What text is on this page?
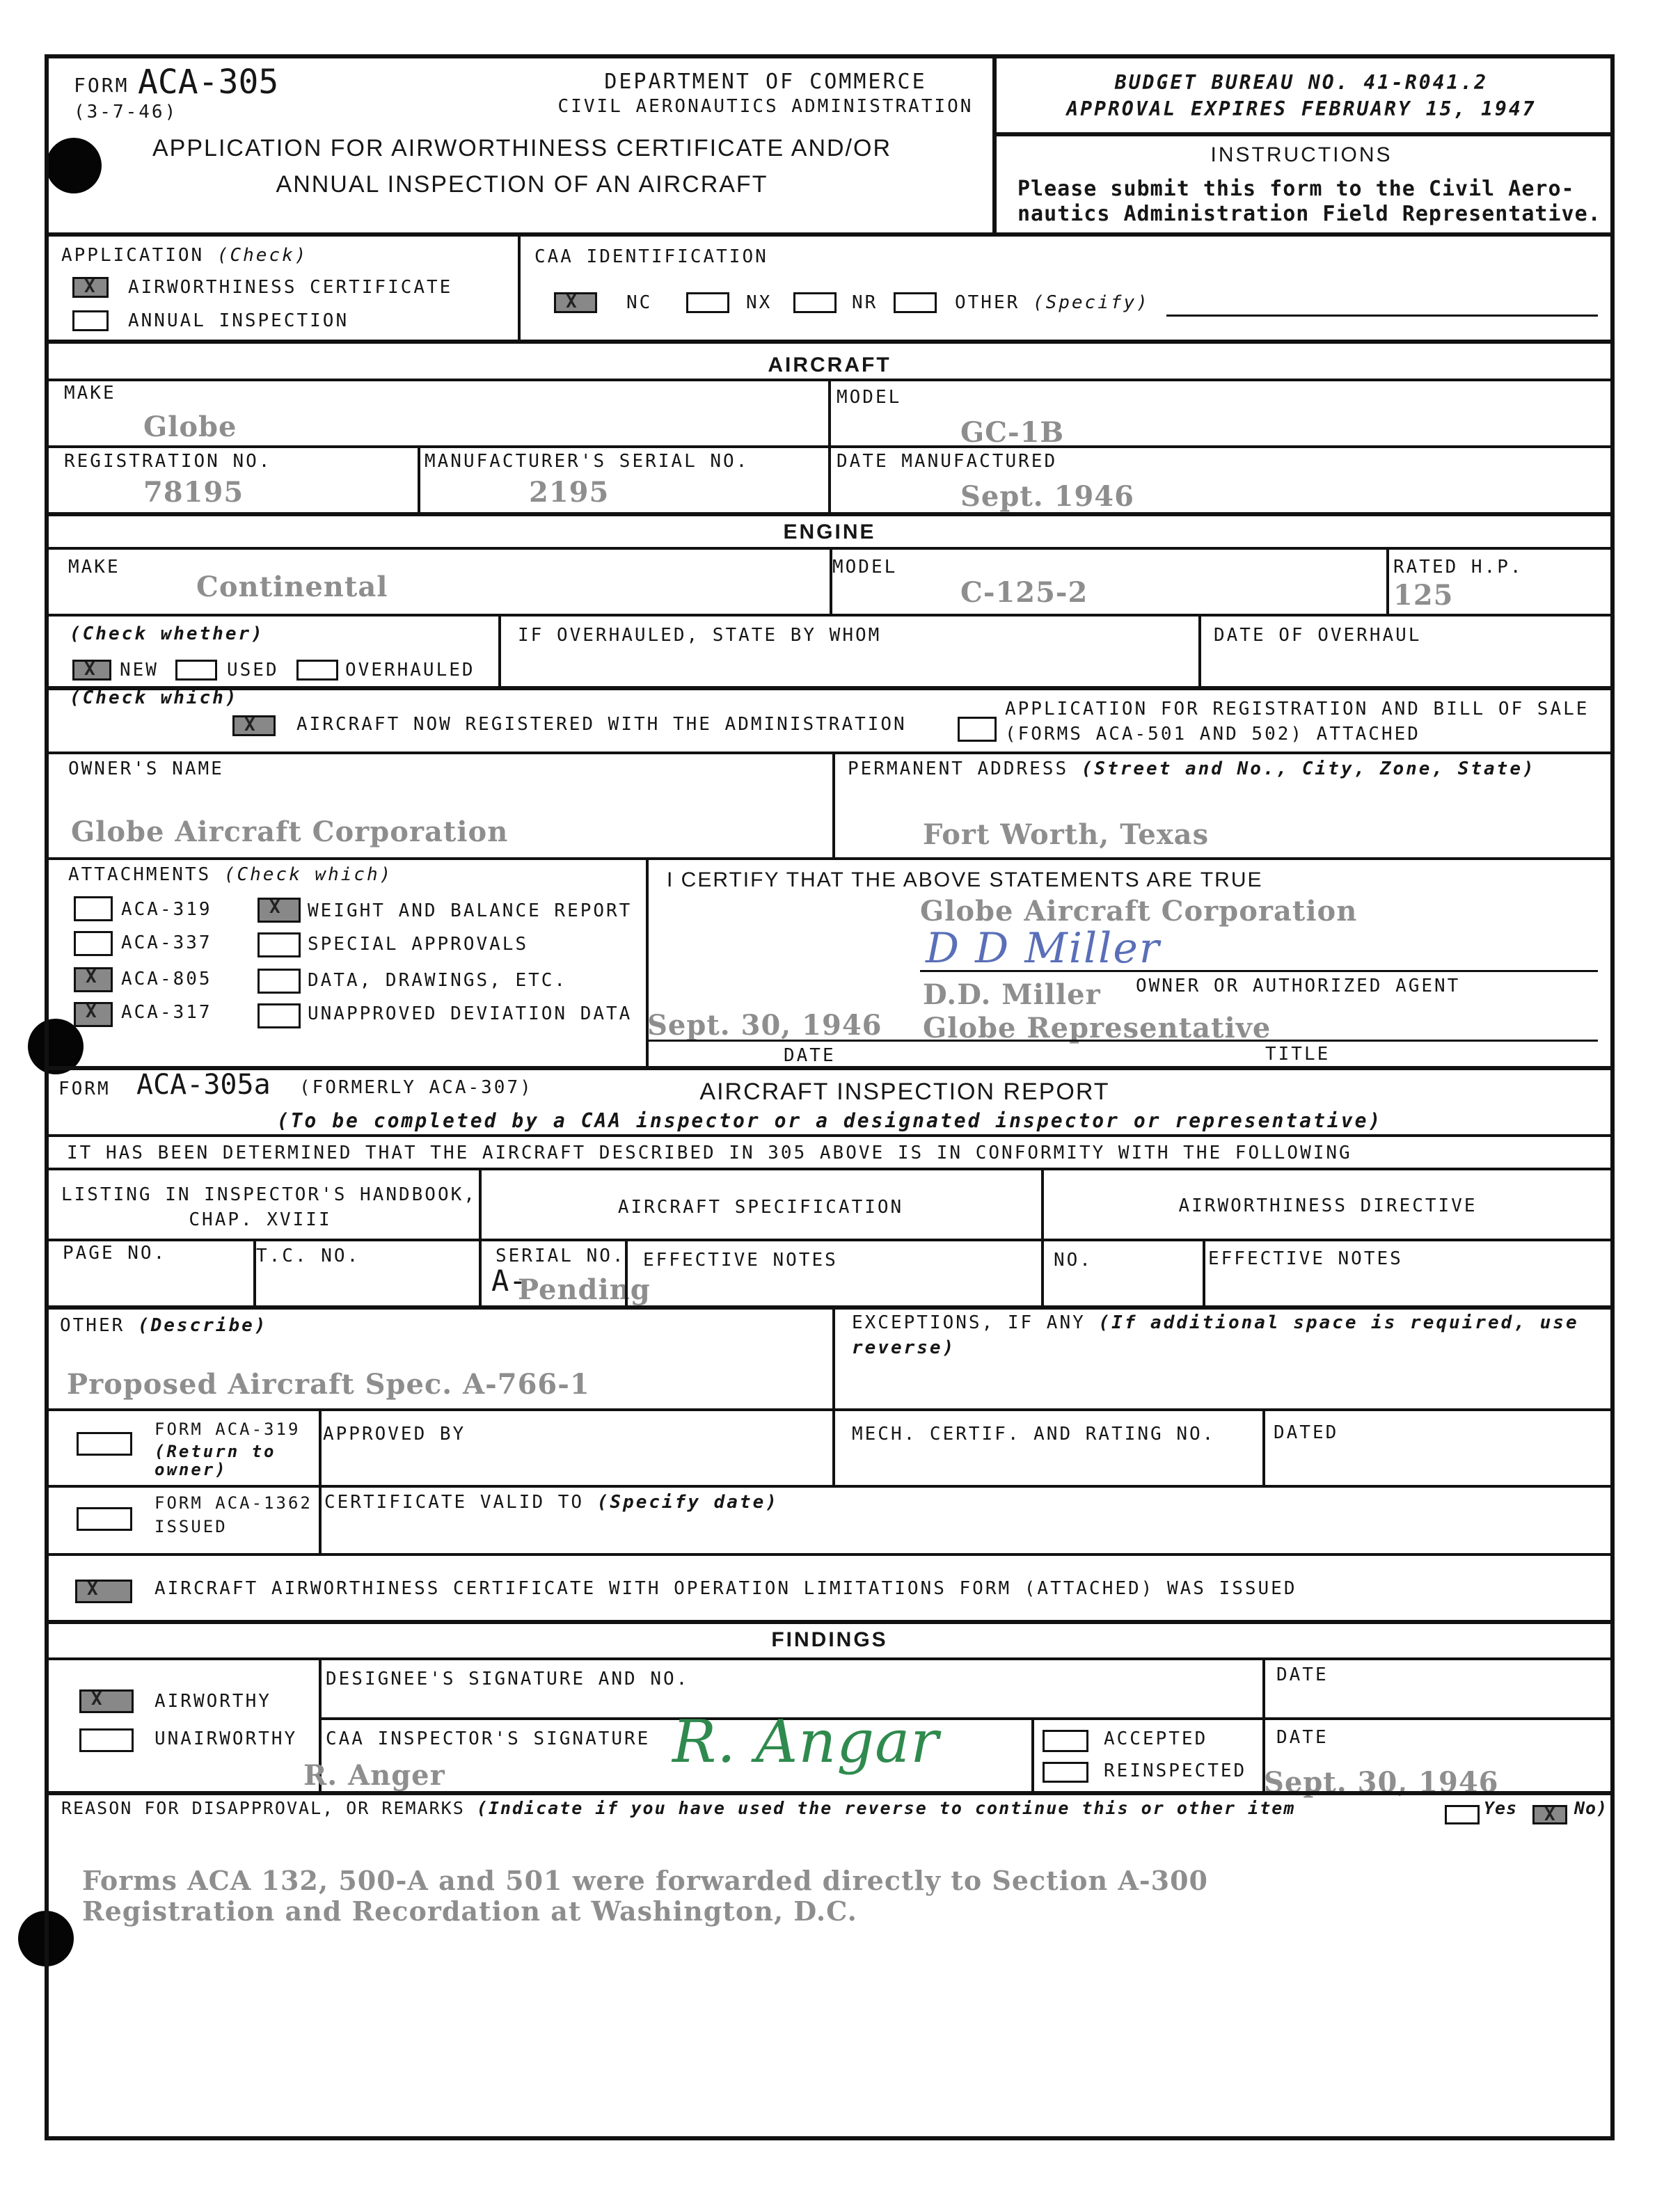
FORM ACA-305
(3-7-46)
DEPARTMENT OF COMMERCE
CIVIL AERONAUTICS ADMINISTRATION
APPLICATION FOR AIRWORTHINESS CERTIFICATE AND/OR
ANNUAL INSPECTION OF AN AIRCRAFT
BUDGET BUREAU NO. 41-R041.2
APPROVAL EXPIRES FEBRUARY 15, 1947
INSTRUCTIONS
Please submit this form to the Civil Aero-
nautics Administration Field Representative.
APPLICATION (Check)
X
AIRWORTHINESS CERTIFICATE
ANNUAL INSPECTION
CAA IDENTIFICATION
X
NC	NX	NR	OTHER (Specify)
AIRCRAFT
MAKE
Globe
MODEL
GC-1B
REGISTRATION NO.
78195
MANUFACTURER'S SERIAL NO.
2195
DATE MANUFACTURED
Sept. 1946
ENGINE
MAKE
Continental
MODEL
C-125-2
RATED H.P.
125
(Check whether)
X
NEW	USED	OVERHAULED
IF OVERHAULED, STATE BY WHOM	DATE OF OVERHAUL
(Check which)
X
AIRCRAFT NOW REGISTERED WITH THE ADMINISTRATION
APPLICATION FOR REGISTRATION AND BILL OF SALE
(FORMS ACA-501 AND 502) ATTACHED
OWNER'S NAME
Globe Aircraft Corporation
PERMANENT ADDRESS (Street and No., City, Zone, State)
Fort Worth, Texas
ATTACHMENTS (Check which)
ACA-319
ACA-337
X
ACA-805
X
ACA-317
X
WEIGHT AND BALANCE REPORT
SPECIAL APPROVALS
DATA, DRAWINGS, ETC.
UNAPPROVED DEVIATION DATA
I CERTIFY THAT THE ABOVE STATEMENTS ARE TRUE
Globe Aircraft Corporation
D D Miller
D.D. Miller OWNER OR AUTHORIZED AGENT
Sept. 30, 1946 Globe Representative
DATE	TITLE
FORM ACA-305a (FORMERLY ACA-307)	AIRCRAFT INSPECTION REPORT
(To be completed by a CAA inspector or a designated inspector or representative)
IT HAS BEEN DETERMINED THAT THE AIRCRAFT DESCRIBED IN 305 ABOVE IS IN CONFORMITY WITH THE FOLLOWING
LISTING IN INSPECTOR'S HANDBOOK,
CHAP. XVIII
AIRCRAFT SPECIFICATION	AIRWORTHINESS DIRECTIVE
PAGE NO.	T.C. NO.	SERIAL NO.
A-
Pending
EFFECTIVE NOTES	NO.	EFFECTIVE NOTES
OTHER (Describe)
Proposed Aircraft Spec. A-766-1
EXCEPTIONS, IF ANY (If additional space is required, use
reverse)
FORM ACA-319
(Return to
owner)
APPROVED BY	MECH. CERTIF. AND RATING NO.	DATED
FORM ACA-1362
ISSUED
CERTIFICATE VALID TO (Specify date)
X
AIRCRAFT AIRWORTHINESS CERTIFICATE WITH OPERATION LIMITATIONS FORM (ATTACHED) WAS ISSUED
FINDINGS
X
AIRWORTHY
UNAIRWORTHY
DESIGNEE'S SIGNATURE AND NO.	DATE
CAA INSPECTOR'S SIGNATURE R. Angar
R. Anger
ACCEPTED
REINSPECTED
DATE
Sept. 30, 1946
REASON FOR DISAPPROVAL, OR REMARKS (Indicate if you have used the reverse to continue this or other item	Yes
X	No)
Forms ACA 132, 500-A and 501 were forwarded directly to Section A-300
Registration and Recordation at Washington, D.C.
